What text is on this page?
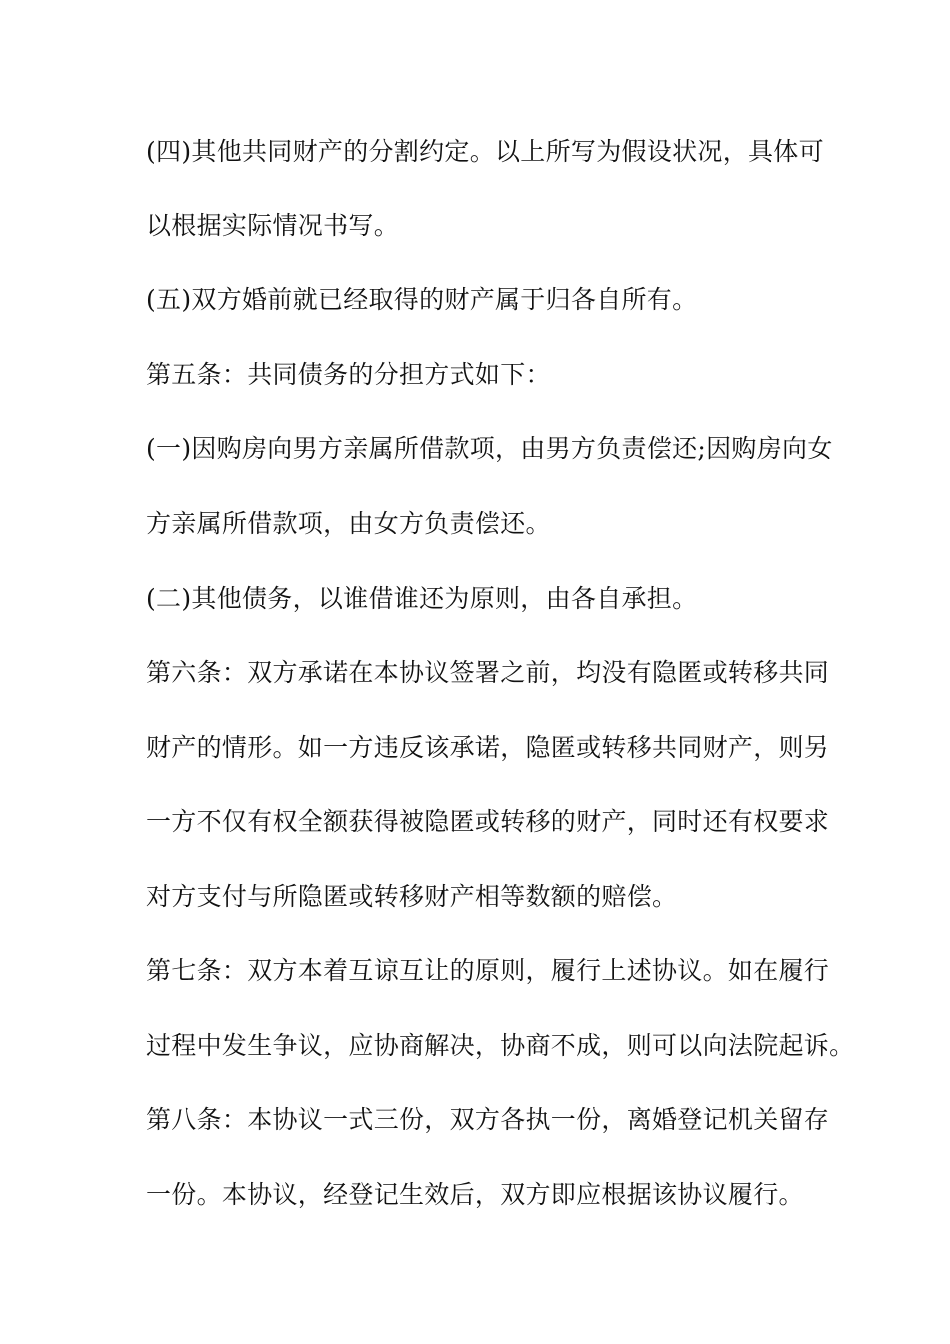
(四)其他共同财产的分割约定。以上所写为假设状况，具体可

以根据实际情况书写。

(五)双方婚前就已经取得的财产属于归各自所有。

第五条：共同债务的分担方式如下：

(一)因购房向男方亲属所借款项，由男方负责偿还;因购房向女

方亲属所借款项，由女方负责偿还。

(二)其他债务，以谁借谁还为原则，由各自承担。

第六条：双方承诺在本协议签署之前，均没有隐匿或转移共同

财产的情形。如一方违反该承诺，隐匿或转移共同财产，则另

一方不仅有权全额获得被隐匿或转移的财产，同时还有权要求

对方支付与所隐匿或转移财产相等数额的赔偿。

第七条：双方本着互谅互让的原则，履行上述协议。如在履行

过程中发生争议，应协商解决，协商不成，则可以向法院起诉。

第八条：本协议一式三份，双方各执一份，离婚登记机关留存

一份。本协议，经登记生效后，双方即应根据该协议履行。
